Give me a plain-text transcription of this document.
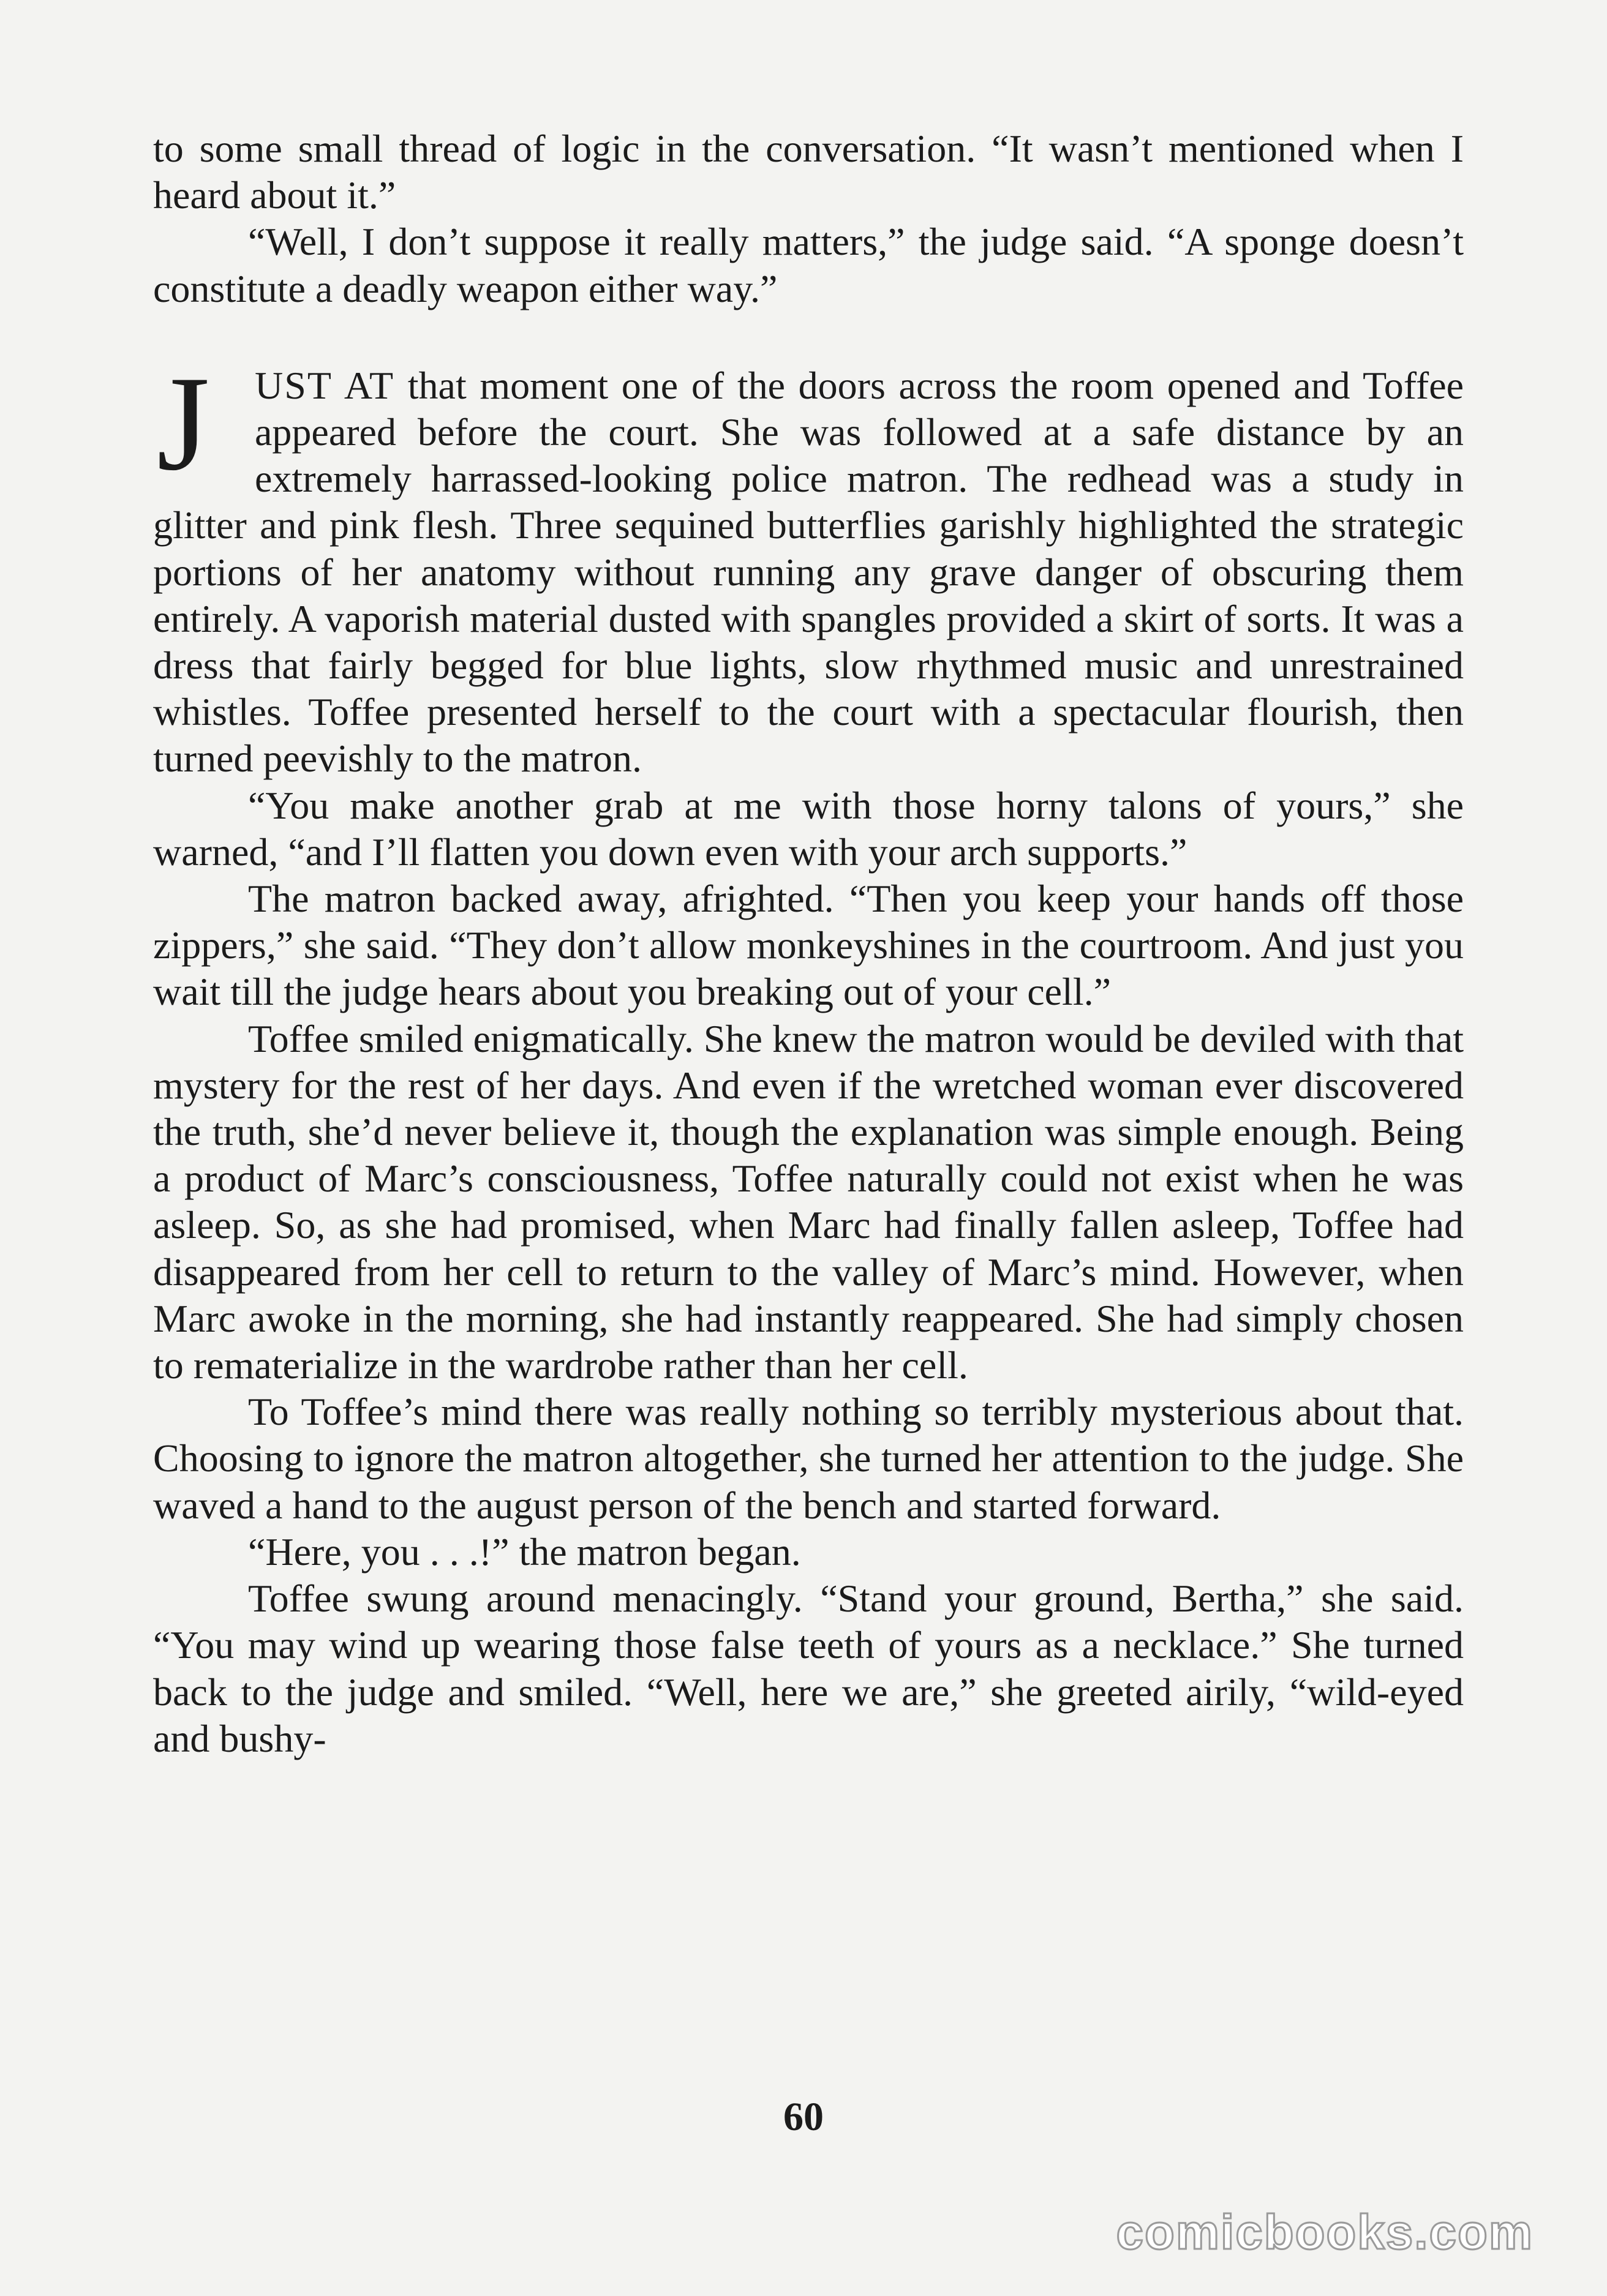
to some small thread of logic in the conversation. “It wasn’t mentioned when I heard about it.”

“Well, I don’t suppose it really matters,” the judge said. “A sponge doesn’t constitute a deadly weapon either way.”

J	UST AT that moment one of the doors across the room opened and Toffee appeared before the court. She was followed at a safe distance by an extremely harrassed-looking police matron. The redhead was a study in glitter and pink flesh. Three sequined butterflies garishly highlighted the strategic portions of her anatomy without running any grave danger of obscuring them entirely. A vaporish material dusted with spangles provided a skirt of sorts. It was a dress that fairly begged for blue lights, slow rhythmed music and unrestrained whistles. Toffee presented herself to the court with a spectacular flourish, then turned peevishly to the matron.

“You make another grab at me with those horny talons of yours,” she warned, “and I’ll flatten you down even with your arch supports.”

The matron backed away, afrighted. “Then you keep your hands off those zippers,” she said. “They don’t allow monkeyshines in the courtroom. And just you wait till the judge hears about you breaking out of your cell.”

Toffee smiled enigmatically. She knew the matron would be deviled with that mystery for the rest of her days. And even if the wretched woman ever discovered the truth, she’d never believe it, though the explanation was simple enough. Being a product of Marc’s consciousness, Toffee naturally could not exist when he was asleep. So, as she had promised, when Marc had finally fallen asleep, Toffee had disappeared from her cell to return to the valley of Marc’s mind. However, when Marc awoke in the morning, she had instantly reappeared. She had simply chosen to rematerialize in the wardrobe rather than her cell.

To Toffee’s mind there was really nothing so terribly mysterious about that. Choosing to ignore the matron altogether, she turned her attention to the judge. She waved a hand to the august person of the bench and started forward.

“Here, you . . .!” the matron began.

Toffee swung around menacingly. “Stand your ground, Bertha,” she said. “You may wind up wearing those false teeth of yours as a necklace.” She turned back to the judge and smiled. “Well, here we are,” she greeted airily, “wild-eyed and bushy-

60
comicbooks.com
